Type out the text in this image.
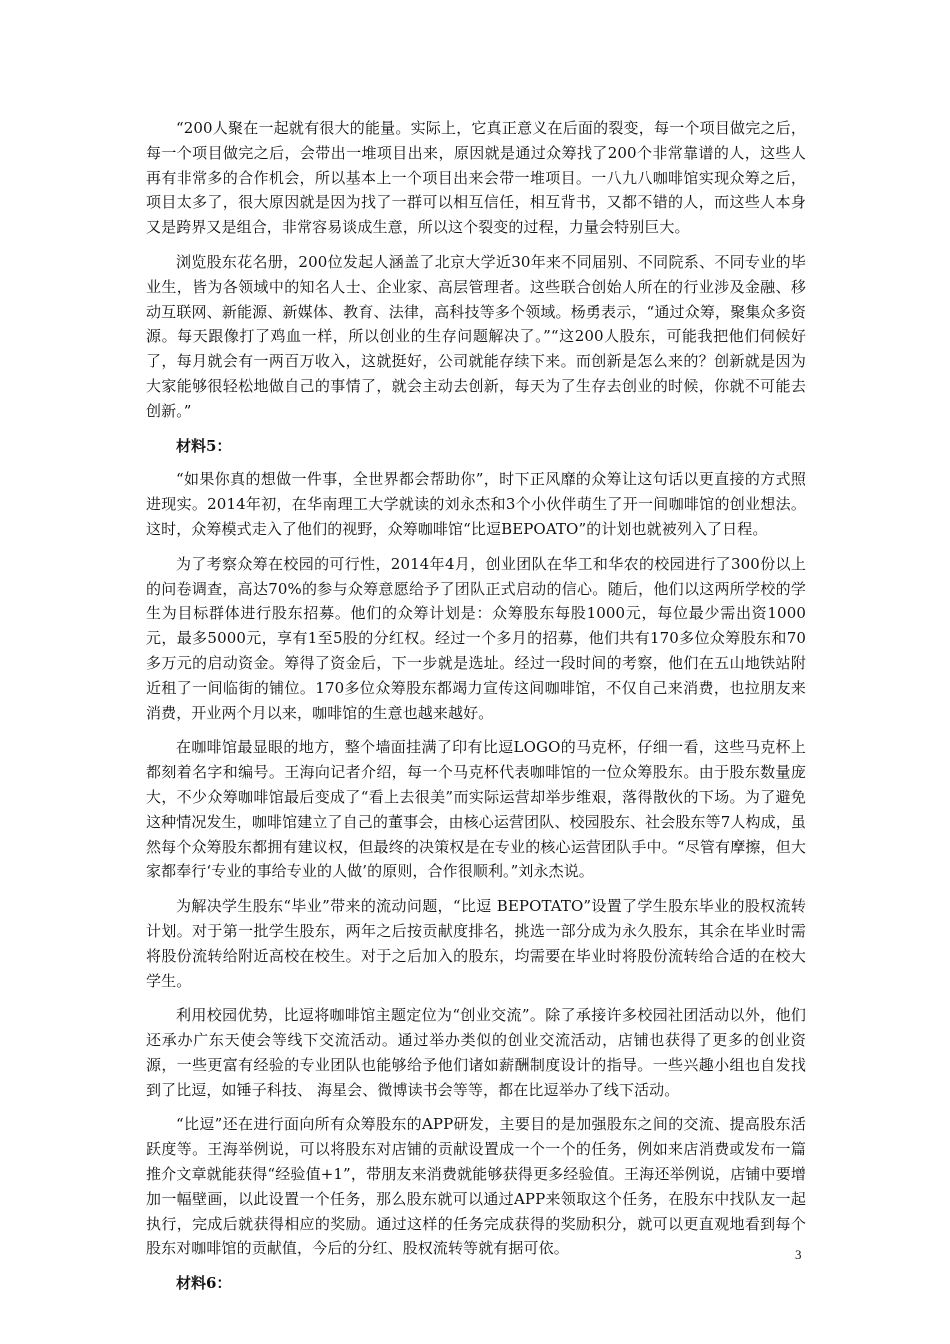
“200人聚在一起就有很大的能量。实际上，它真正意义在后面的裂变，每一个项目做完之后，每一个项目做完之后，会带出一堆项目出来，原因就是通过众筹找了200个非常靠谱的人，这些人再有非常多的合作机会，所以基本上一个项目出来会带一堆项目。一八九八咖啡馆实现众筹之后，项目太多了，很大原因就是因为找了一群可以相互信任，相互背书，又都不错的人，而这些人本身又是跨界又是组合，非常容易谈成生意，所以这个裂变的过程，力量会特别巨大。

浏览股东花名册，200位发起人涵盖了北京大学近30年来不同届别、不同院系、不同专业的毕业生，皆为各领域中的知名人士、企业家、高层管理者。这些联合创始人所在的行业涉及金融、移动互联网、新能源、新媒体、教育、法律，高科技等多个领域。杨勇表示，“通过众筹，聚集众多资源。每天跟像打了鸡血一样，所以创业的生存问题解决了。”“这200人股东，可能我把他们伺候好了，每月就会有一两百万收入，这就挺好，公司就能存续下来。而创新是怎么来的？创新就是因为大家能够很轻松地做自己的事情了，就会主动去创新，每天为了生存去创业的时候，你就不可能去创新。”

材料5：

“如果你真的想做一件事，全世界都会帮助你”，时下正风靡的众筹让这句话以更直接的方式照进现实。2014年初，在华南理工大学就读的刘永杰和3个小伙伴萌生了开一间咖啡馆的创业想法。这时，众筹模式走入了他们的视野，众筹咖啡馆“比逗BEPOATO”的计划也就被列入了日程。

为了考察众筹在校园的可行性，2014年4月，创业团队在华工和华农的校园进行了300份以上的问卷调查，高达70%的参与众筹意愿给予了团队正式启动的信心。随后，他们以这两所学校的学生为目标群体进行股东招募。他们的众筹计划是：众筹股东每股1000元，每位最少需出资1000元，最多5000元，享有1至5股的分红权。经过一个多月的招募，他们共有170多位众筹股东和70多万元的启动资金。筹得了资金后，下一步就是选址。经过一段时间的考察，他们在五山地铁站附近租了一间临街的铺位。170多位众筹股东都竭力宣传这间咖啡馆，不仅自己来消费，也拉朋友来消费，开业两个月以来，咖啡馆的生意也越来越好。

在咖啡馆最显眼的地方，整个墙面挂满了印有比逗LOGO的马克杯，仔细一看，这些马克杯上都刻着名字和编号。王海向记者介绍，每一个马克杯代表咖啡馆的一位众筹股东。由于股东数量庞大，不少众筹咖啡馆最后变成了“看上去很美”而实际运营却举步维艰，落得散伙的下场。为了避免这种情况发生，咖啡馆建立了自己的董事会，由核心运营团队、校园股东、社会股东等7人构成，虽然每个众筹股东都拥有建议权，但最终的决策权是在专业的核心运营团队手中。“尽管有摩擦，但大家都奉行‘专业的事给专业的人做’的原则，合作很顺利。”刘永杰说。

为解决学生股东“毕业”带来的流动问题，“比逗 BEPOTATO”设置了学生股东毕业的股权流转计划。对于第一批学生股东，两年之后按贡献度排名，挑选一部分成为永久股东，其余在毕业时需将股份流转给附近高校在校生。对于之后加入的股东，均需要在毕业时将股份流转给合适的在校大学生。

利用校园优势，比逗将咖啡馆主题定位为“创业交流”。除了承接许多校园社团活动以外，他们还承办广东天使会等线下交流活动。通过举办类似的创业交流活动，店铺也获得了更多的创业资源，一些更富有经验的专业团队也能够给予他们诸如薪酬制度设计的指导。一些兴趣小组也自发找到了比逗，如锤子科技、 海星会、微博读书会等等，都在比逗举办了线下活动。

“比逗”还在进行面向所有众筹股东的APP研发，主要目的是加强股东之间的交流、提高股东活跃度等。王海举例说，可以将股东对店铺的贡献设置成一个一个的任务，例如来店消费或发布一篇推介文章就能获得“经验值+1”，带朋友来消费就能够获得更多经验值。王海还举例说，店铺中要增加一幅壁画，以此设置一个任务，那么股东就可以通过APP来领取这个任务，在股东中找队友一起执行，完成后就获得相应的奖励。通过这样的任务完成获得的奖励积分，就可以更直观地看到每个股东对咖啡馆的贡献值，今后的分红、股权流转等就有据可依。

材料6：

3
